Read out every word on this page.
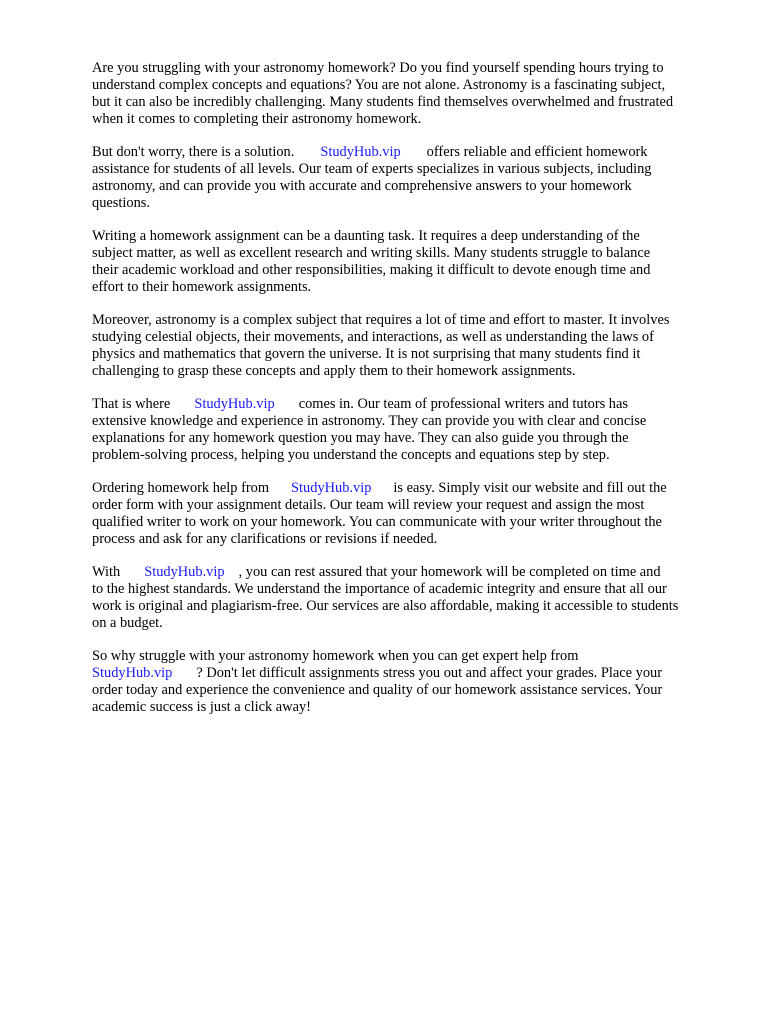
Are you struggling with your astronomy homework? Do you find yourself spending hours trying to
understand complex concepts and equations? You are not alone. Astronomy is a fascinating subject,
but it can also be incredibly challenging. Many students find themselves overwhelmed and frustrated
when it comes to completing their astronomy homework.

But don't worry, there is a solution. StudyHub.vip offers reliable and efficient homework
assistance for students of all levels. Our team of experts specializes in various subjects, including
astronomy, and can provide you with accurate and comprehensive answers to your homework
questions.

Writing a homework assignment can be a daunting task. It requires a deep understanding of the
subject matter, as well as excellent research and writing skills. Many students struggle to balance
their academic workload and other responsibilities, making it difficult to devote enough time and
effort to their homework assignments.

Moreover, astronomy is a complex subject that requires a lot of time and effort to master. It involves
studying celestial objects, their movements, and interactions, as well as understanding the laws of
physics and mathematics that govern the universe. It is not surprising that many students find it
challenging to grasp these concepts and apply them to their homework assignments.

That is where StudyHub.vip comes in. Our team of professional writers and tutors has
extensive knowledge and experience in astronomy. They can provide you with clear and concise
explanations for any homework question you may have. They can also guide you through the
problem-solving process, helping you understand the concepts and equations step by step.

Ordering homework help from StudyHub.vip is easy. Simply visit our website and fill out the
order form with your assignment details. Our team will review your request and assign the most
qualified writer to work on your homework. You can communicate with your writer throughout the
process and ask for any clarifications or revisions if needed.

With StudyHub.vip , you can rest assured that your homework will be completed on time and
to the highest standards. We understand the importance of academic integrity and ensure that all our
work is original and plagiarism-free. Our services are also affordable, making it accessible to students
on a budget.

So why struggle with your astronomy homework when you can get expert help from
StudyHub.vip ? Don't let difficult assignments stress you out and affect your grades. Place your
order today and experience the convenience and quality of our homework assistance services. Your
academic success is just a click away!
